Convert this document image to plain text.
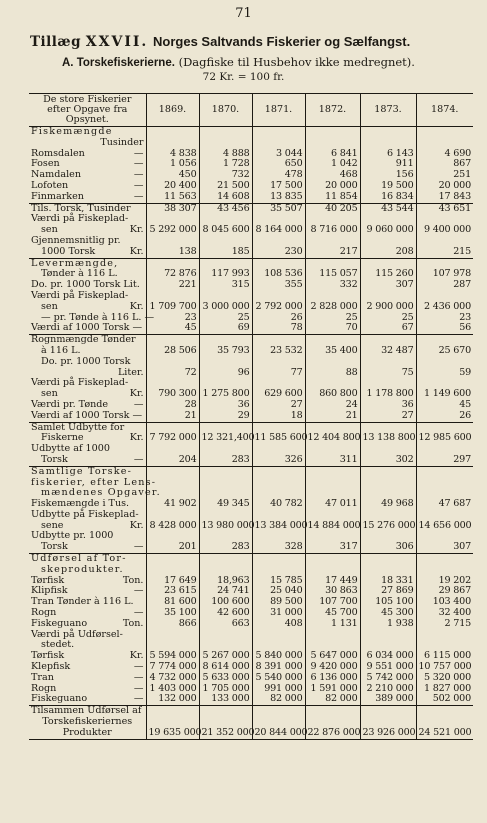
71
Tillæg XXVII. Norges Saltvands Fiskerier og Sælfangst.
A. Torskefiskerierne. (Dagfiske til Husbehov ikke medregnet).
72 Kr. = 100 fr.
De store Fiskerier efter Opgave fra Opsynet.	1869.	1870.	1871.	1872.	1873.	1874.

Fiskemængde						

Tusinder						

Romsdalen —	4 838	4 888	3 044	6 841	6 143	4 690

Fosen —	1 056	1 728	650	1 042	911	867

Namdalen —	450	732	478	468	156	251

Lofoten —	20 400	21 500	17 500	20 000	19 500	20 000

Finmarken —	11 563	14 608	13 835	11 854	16 834	17 843

Tils. Torsk, Tusinder	38 307	43 456	35 507	40 205	43 544	43 651

Værdi på Fiskeplad-						

sen Kr.	5 292 000	8 045 600	8 164 000	8 716 000	9 060 000	9 400 000

Gjennemsnitlig pr.						

1000 Torsk Kr.	138	185	230	217	208	215

Levermængde,						

Tønder à 116 L.	72 876	117 993	108 536	115 057	115 260	107 978

Do. pr. 1000 Torsk Lit.	221	315	355	332	307	287

Værdi på Fiskeplad-						

sen Kr.	1 709 700	3 000 000	2 792 000	2 828 000	2 900 000	2 436 000

— pr. Tønde à 116 L. —	23	25	26	25	25	23

Værdi af 1000 Torsk —	45	69	78	70	67	56

Rognmængde Tønder						

à 116 L.	28 506	35 793	23 532	35 400	32 487	25 670

Do. pr. 1000 Torsk						

Liter.	72	96	77	88	75	59

Værdi på Fiskeplad-						

sen Kr.	790 300	1 275 800	629 600	860 800	1 178 800	1 149 600

Værdi pr. Tønde —	28	36	27	24	36	45

Værdi af 1000 Torsk —	21	29	18	21	27	26

Samlet Udbytte for						

Fiskerne Kr.	7 792 000	12 321,400	11 585 600	12 404 800	13 138 800	12 985 600

Udbytte af 1000						

Torsk —	204	283	326	311	302	297

Samtlige Torske-						

fiskerier, efter Lens-						

mændenes Opgaver.						

Fiskemængde i Tus.	41 902	49 345	40 782	47 011	49 968	47 687

Udbytte på Fiskeplad-						

sene Kr.	8 428 000	13 980 000	13 384 000	14 884 000	15 276 000	14 656 000

Udbytte pr. 1000						

Torsk —	201	283	328	317	306	307

Udførsel af Tor-						

skeprodukter.						

Tørfisk Ton.	17 649	18,963	15 785	17 449	18 331	19 202

Klipfisk —	23 615	24 741	25 040	30 863	27 869	29 867

Tran Tønder à 116 L.	81 600	100 600	89 500	107 700	105 100	103 400

Rogn —	35 100	42 600	31 000	45 700	45 300	32 400

Fiskeguano Ton.	866	663	408	1 131	1 938	2 715

Værdi på Udførsel-						

stedet.						

Tørfisk Kr.	5 594 000	5 267 000	5 840 000	5 647 000	6 034 000	6 115 000

Klepfisk —	7 774 000	8 614 000	8 391 000	9 420 000	9 551 000	10 757 000

Tran —	4 732 000	5 633 000	5 540 000	6 136 000	5 742 000	5 320 000

Rogn —	1 403 000	1 705 000	991 000	1 591 000	2 210 000	1 827 000

Fiskeguano —	132 000	133 000	82 000	82 000	389 000	502 000

Tilsammen Udførsel af						

Torskefiskeriernes						

Produkter	19 635 000	21 352 000	20 844 000	22 876 000	23 926 000	24 521 000
